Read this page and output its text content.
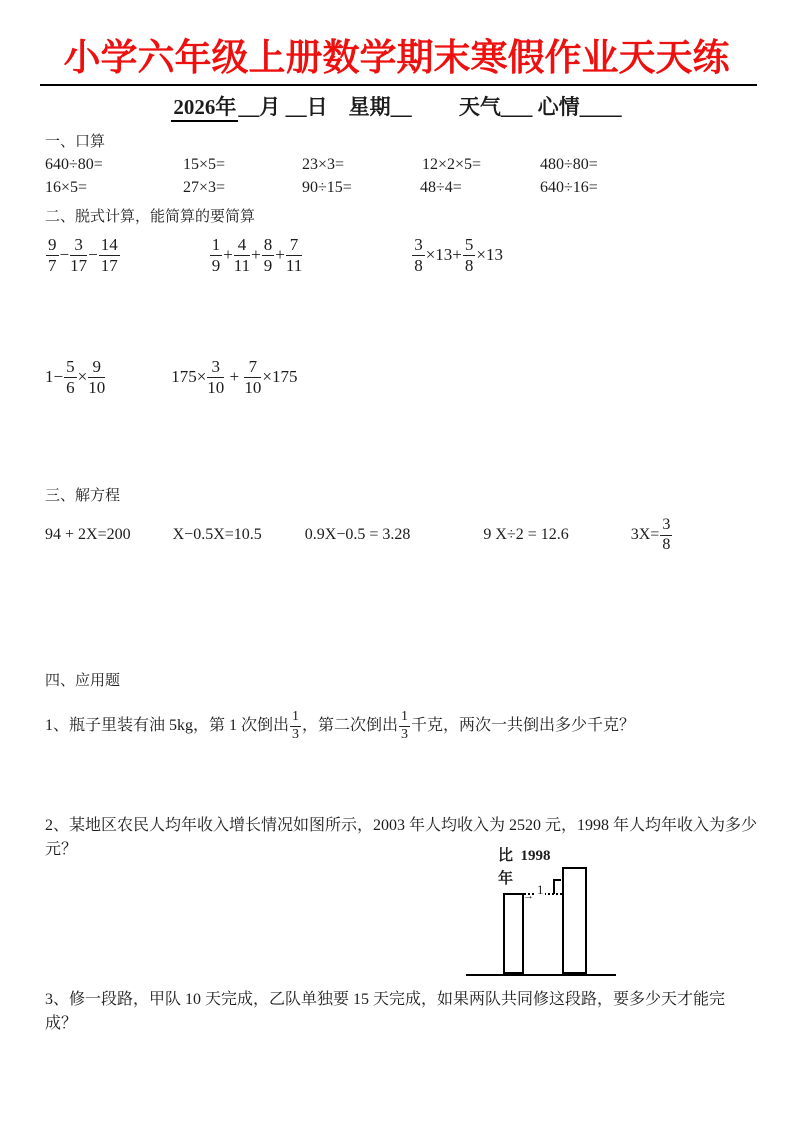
小学六年级上册数学期末寒假作业天天练
2026年__月 __日　星期__　　 天气___ 心情____
一、口算
640÷80=	15×5=	23×3=	12×2×5=	480÷80=
16×5=	27×3=	90÷15=	48÷4=	640÷16=
二、脱式计算，能简算的要简算
$\frac{9}{7} - \frac{3}{17} - \frac{14}{17}$	$\frac{1}{9} + \frac{4}{11} + \frac{8}{9} + \frac{7}{11}$	$\frac{3}{8} \times 13+ \frac{5}{8} \times 13$
$1- \frac{5}{6} \times \frac{9}{10}$	$175\times \frac{3}{10} + \frac{7}{10} \times 175$
三、解方程
94 + 2X=200	X−0.5X=10.5	0.9X−0.5 = 3.28	9 X÷2 = 12.6	$3X= \frac{3}{8}$
四、应用题
1、瓶子里装有油 5kg，第 1 次倒出 $\frac{1}{3}$ ，第二次倒出 $\frac{1}{3}$ 千克，两次一共倒出多少千克？
2、某地区农民人均年收入增长情况如图所示，2003 年人均收入为 2520 元，1998 年人均年收入为多少元？	比  1998
年
1
→
3、修一段路，甲队 10 天完成，乙队单独要 15 天完成，如果两队共同修这段路，要多少天才能完成？
